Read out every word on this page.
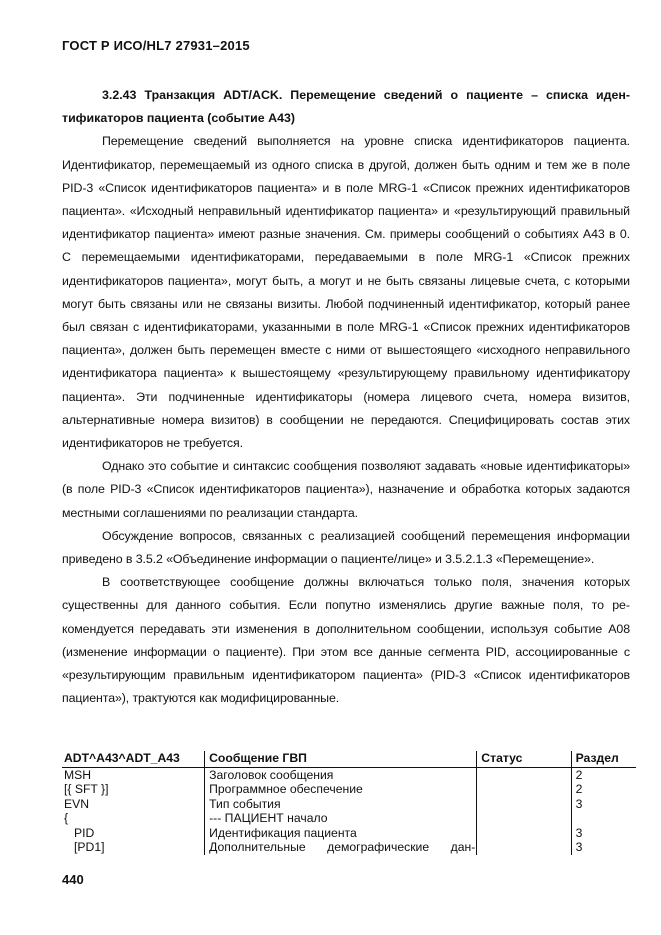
ГОСТ Р ИСО/HL7 27931–2015

3.2.43 Транзакция ADT/ACK. Перемещение сведений о пациенте – списка идентификаторов пациента (событие А43)

Перемещение сведений выполняется на уровне списка идентификаторов пациента. Идентификатор, перемещаемый из одного списка в другой, должен быть одним и тем же в поле PID-3 «Список идентификаторов пациента» и в поле MRG-1 «Список прежних идентификаторов пациента». «Исходный неправильный идентификатор пациента» и «результирующий правильный идентификатор пациента» имеют разные значения. См. примеры сообщений о событиях А43 в 0. С перемещаемыми идентификаторами, передаваемыми в поле MRG-1 «Список прежних идентификаторов пациента», могут быть, а могут и не быть связаны лицевые счета, с которыми могут быть связаны или не связаны визиты. Любой подчиненный идентификатор, который ранее был связан с идентификаторами, указанными в поле MRG-1 «Список прежних идентификаторов пациента», должен быть перемещен вместе с ними от вышестоящего «исходного неправильного идентификатора пациента» к вышестоящему «результирующему правильному идентификатору пациента». Эти подчиненные идентификаторы (номера лицевого счета, номера визитов, альтернативные номера визитов) в сообщении не передаются. Специфицировать состав этих идентификаторов не требуется.

Однако это событие и синтаксис сообщения позволяют задавать «новые идентификаторы» (в поле PID-3 «Список идентификаторов пациента»), назначение и обработка которых задаются местными соглашениями по реализации стандарта.

Обсуждение вопросов, связанных с реализацией сообщений перемещения информации приведено в 3.5.2 «Объединение информации о пациенте/лице» и 3.5.2.1.3 «Перемещение».

В соответствующее сообщение должны включаться только поля, значения которых существенны для данного события. Если попутно изменялись другие важные поля, то рекомендуется передавать эти изменения в дополнительном сообщении, используя событие А08 (изменение информации о пациенте). При этом все данные сегмента PID, ассоциированные с «результирующим правильным идентификатором пациента» (PID-3 «Список идентификаторов пациента»), трактуются как модифицированные.

ADT^A43^ADT_A43	Сообщение ГВП	Статус	Раздел
MSH	Заголовок сообщения		2
[{ SFT }]	Программное обеспечение		2
EVN	Тип события		3
{	--- ПАЦИЕНТ начало		
PID	Идентификация пациента		3
[PD1]	Дополнительные демографические дан-		3
440
